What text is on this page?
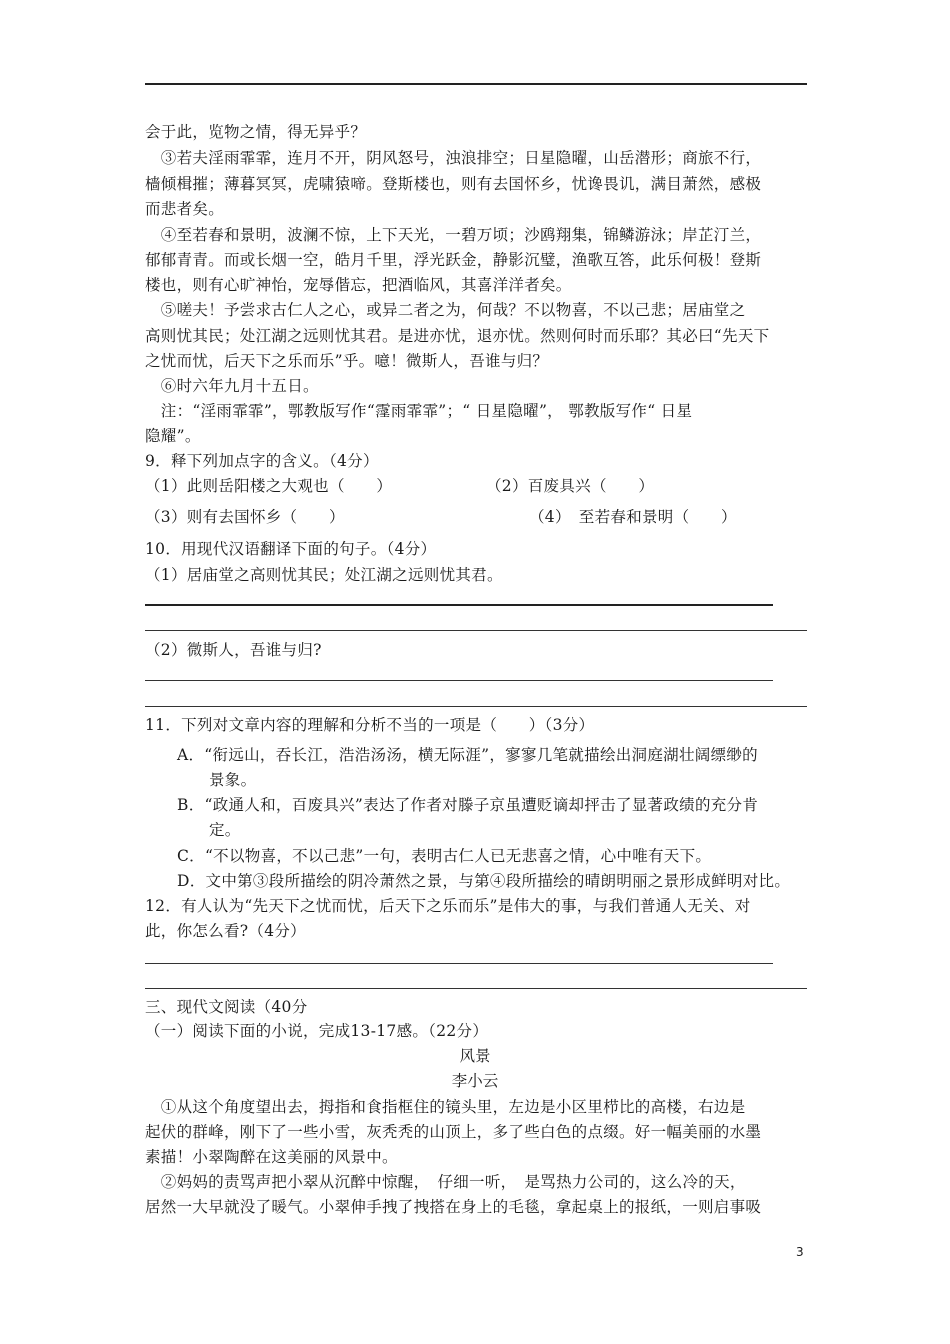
会于此，览物之情，得无异乎？
　③若夫淫雨霏霏，连月不开，阴风怒号，浊浪排空；日星隐曜，山岳潜形；商旅不行，
樯倾楫摧；薄暮冥冥，虎啸猿啼。登斯楼也，则有去国怀乡，忧谗畏讥，满目萧然，感极
而悲者矣。
　④至若春和景明，波澜不惊，上下天光，一碧万顷；沙鸥翔集，锦鳞游泳；岸芷汀兰，
郁郁青青。而或长烟一空，皓月千里，浮光跃金，静影沉璧，渔歌互答，此乐何极！登斯
楼也，则有心旷神怡，宠辱偕忘，把酒临风，其喜洋洋者矣。
　⑤嗟夫！予尝求古仁人之心，或异二者之为，何哉？不以物喜，不以己悲；居庙堂之
高则忧其民；处江湖之远则忧其君。是进亦忧，退亦忧。然则何时而乐耶？其必曰“先天下
之忧而忧，后天下之乐而乐”乎。噫！微斯人，吾谁与归？
　⑥时六年九月十五日。
　注：“淫雨霏霏”，鄂教版写作“霪雨霏霏”；“ 日星隐曜”， 鄂教版写作“ 日星
隐耀”。
9．释下列加点字的含义。（4分）
（1）此则岳阳楼之大观也（　　）	（2）百废具兴（　　）
（3）则有去国怀乡（　　）	（4）　至若春和景明（　　）
10．用现代汉语翻译下面的句子。（4分）
（1）居庙堂之高则忧其民；处江湖之远则忧其君。
（2）微斯人，吾谁与归?
11．下列对文章内容的理解和分析不当的一项是（　　）（3分）
A．“衔远山，吞长江，浩浩汤汤，横无际涯”，寥寥几笔就描绘出洞庭湖壮阔缥缈的
景象。
B．“政通人和，百废具兴”表达了作者对滕子京虽遭贬谪却抨击了显著政绩的充分肯
定。
C．“不以物喜，不以己悲”一句，表明古仁人已无悲喜之情，心中唯有天下。
D．文中第③段所描绘的阴冷萧然之景，与第④段所描绘的晴朗明丽之景形成鲜明对比。
12．有人认为“先天下之忧而忧，后天下之乐而乐”是伟大的事，与我们普通人无关、对
此，你怎么看?（4分）
三、现代文阅读（40分
（一）阅读下面的小说，完成13-17感。（22分）
风景
李小云
　①从这个角度望出去，拇指和食指框住的镜头里，左边是小区里栉比的高楼，右边是
起伏的群峰，刚下了一些小雪，灰秃秃的山顶上，多了些白色的点缀。好一幅美丽的水墨
素描！小翠陶醉在这美丽的风景中。
　②妈妈的责骂声把小翠从沉醉中惊醒，　仔细一听，　是骂热力公司的，这么冷的天，
居然一大早就没了暖气。小翠伸手拽了拽搭在身上的毛毯，拿起桌上的报纸，一则启事吸
3
